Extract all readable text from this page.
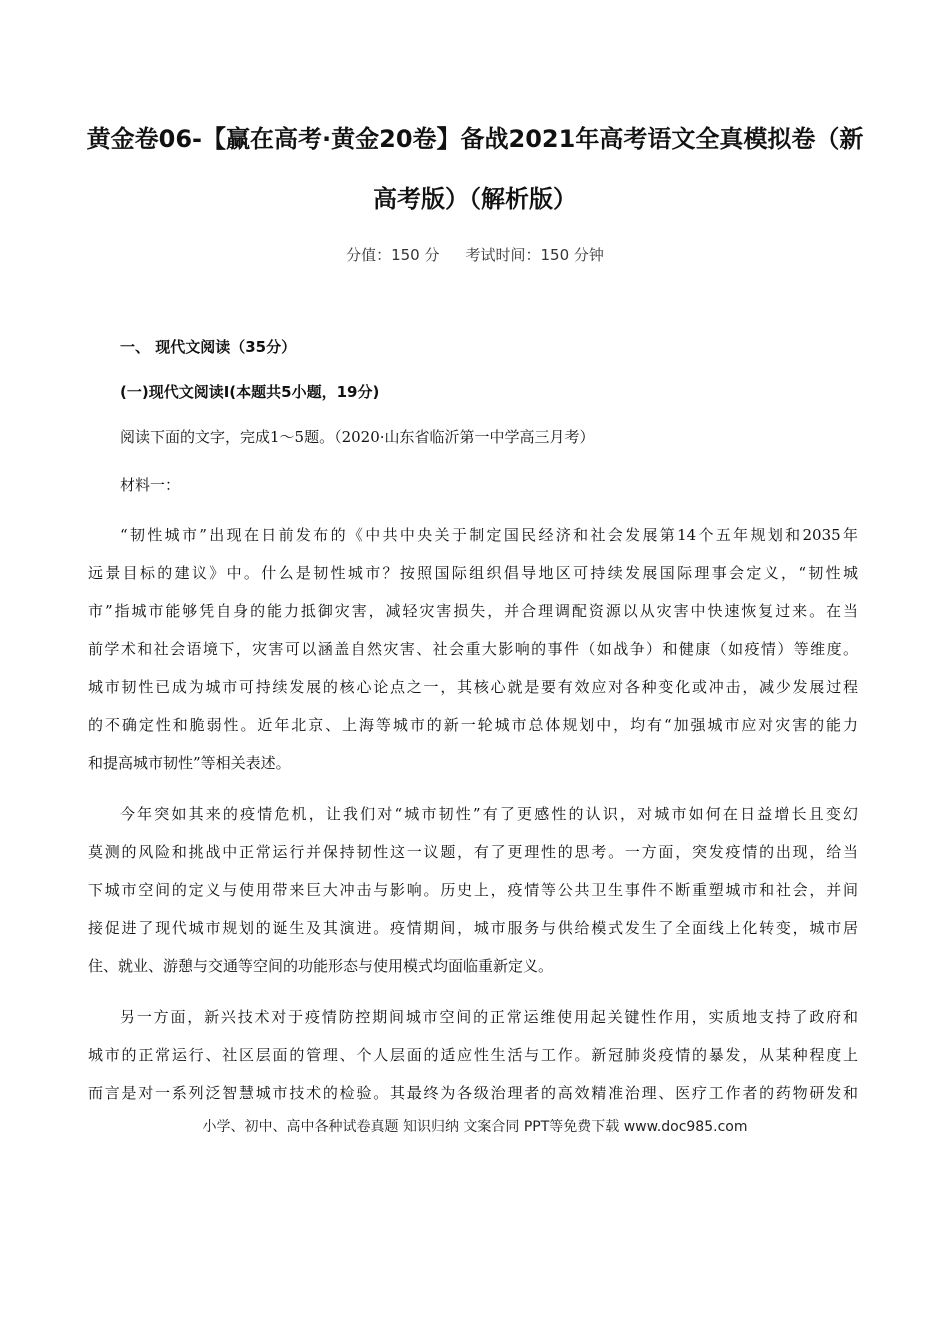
黄金卷06-【赢在高考·黄金20卷】备战2021年高考语文全真模拟卷（新
高考版）（解析版）
分值：150 分 考试时间：150 分钟
一、 现代文阅读（35分）
(一)现代文阅读Ⅰ(本题共5小题，19分)
阅读下面的文字，完成1～5题。（2020·山东省临沂第一中学高三月考）
材料一：
“韧性城市”出现在日前发布的《中共中央关于制定国民经济和社会发展第14个五年规划和2035年
远景目标的建议》中。什么是韧性城市？按照国际组织倡导地区可持续发展国际理事会定义，“韧性城
市”指城市能够凭自身的能力抵御灾害，减轻灾害损失，并合理调配资源以从灾害中快速恢复过来。在当
前学术和社会语境下，灾害可以涵盖自然灾害、社会重大影响的事件（如战争）和健康（如疫情）等维度。
城市韧性已成为城市可持续发展的核心论点之一，其核心就是要有效应对各种变化或冲击，减少发展过程
的不确定性和脆弱性。近年北京、上海等城市的新一轮城市总体规划中，均有“加强城市应对灾害的能力
和提高城市韧性”等相关表述。
今年突如其来的疫情危机，让我们对“城市韧性”有了更感性的认识，对城市如何在日益增长且变幻
莫测的风险和挑战中正常运行并保持韧性这一议题，有了更理性的思考。一方面，突发疫情的出现，给当
下城市空间的定义与使用带来巨大冲击与影响。历史上，疫情等公共卫生事件不断重塑城市和社会，并间
接促进了现代城市规划的诞生及其演进。疫情期间，城市服务与供给模式发生了全面线上化转变，城市居
住、就业、游憩与交通等空间的功能形态与使用模式均面临重新定义。
另一方面，新兴技术对于疫情防控期间城市空间的正常运维使用起关键性作用，实质地支持了政府和
城市的正常运行、社区层面的管理、个人层面的适应性生活与工作。新冠肺炎疫情的暴发，从某种程度上
而言是对一系列泛智慧城市技术的检验。其最终为各级治理者的高效精准治理、医疗工作者的药物研发和
小学、初中、高中各种试卷真题 知识归纳 文案合同 PPT等免费下载 www.doc985.com
